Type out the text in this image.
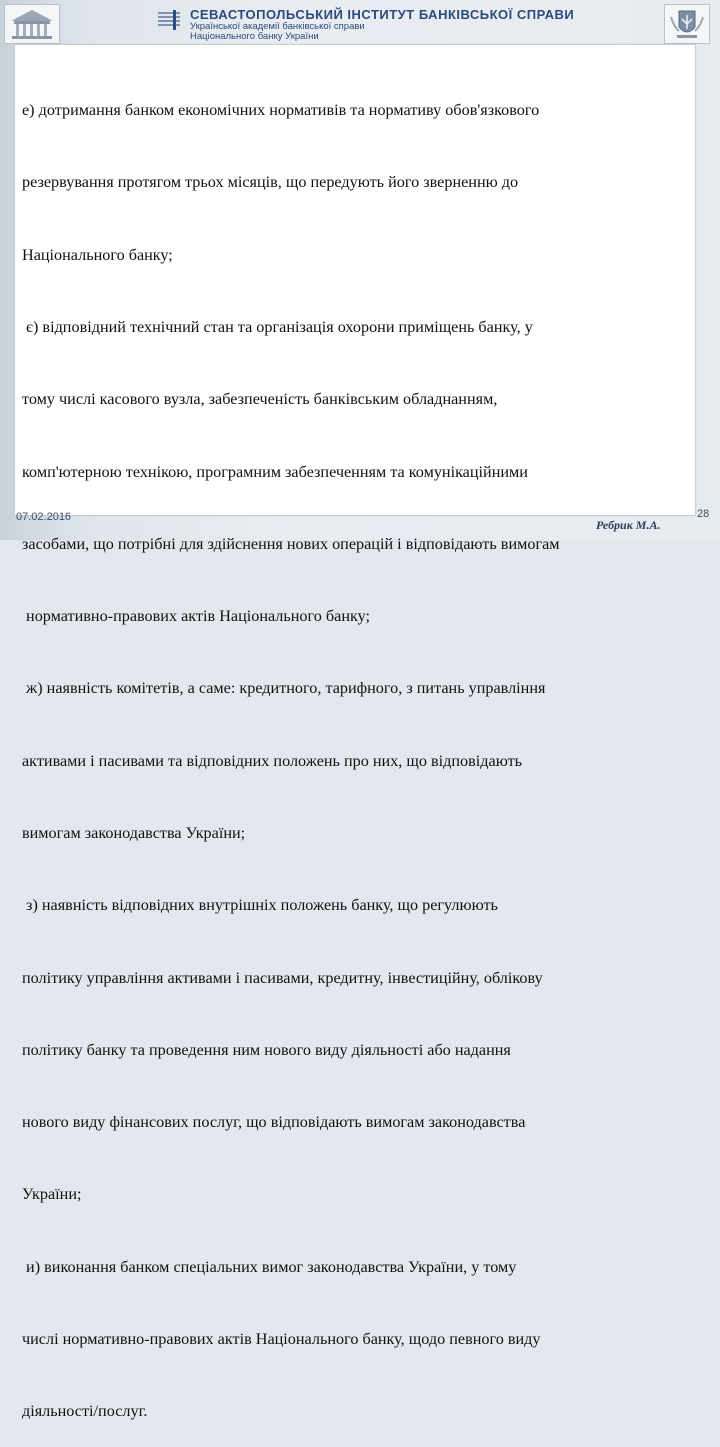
СЕВАСТОПОЛЬСЬКИЙ ІНСТИТУТ БАНКІВСЬКОЇ СПРАВИ
Української академії банківської справи
Національного банку України

е) дотримання банком економічних нормативів та нормативу обов'язкового

резервування протягом трьох місяців, що передують його зверненню до

Національного банку;

є) відповідний технічний стан та організація охорони приміщень банку, у

тому числі касового вузла, забезпеченість банківським обладнанням,

комп'ютерною технікою, програмним забезпеченням та комунікаційними

засобами, що потрібні для здійснення нових операцій і відповідають вимогам

нормативно-правових актів Національного банку;

ж) наявність комітетів, а саме: кредитного, тарифного, з питань управління

активами і пасивами та відповідних положень про них, що відповідають

вимогам законодавства України;

з) наявність відповідних внутрішніх положень банку, що регулюють

політику управління активами і пасивами, кредитну, інвестиційну, облікову

політику банку та проведення ним нового виду діяльності або надання

нового виду фінансових послуг, що відповідають вимогам законодавства

України;

и) виконання банком спеціальних вимог законодавства України, у тому

числі нормативно-правових актів Національного банку, щодо певного виду

діяльності/послуг.

07.02.2016
Ребрик М.А.
28
